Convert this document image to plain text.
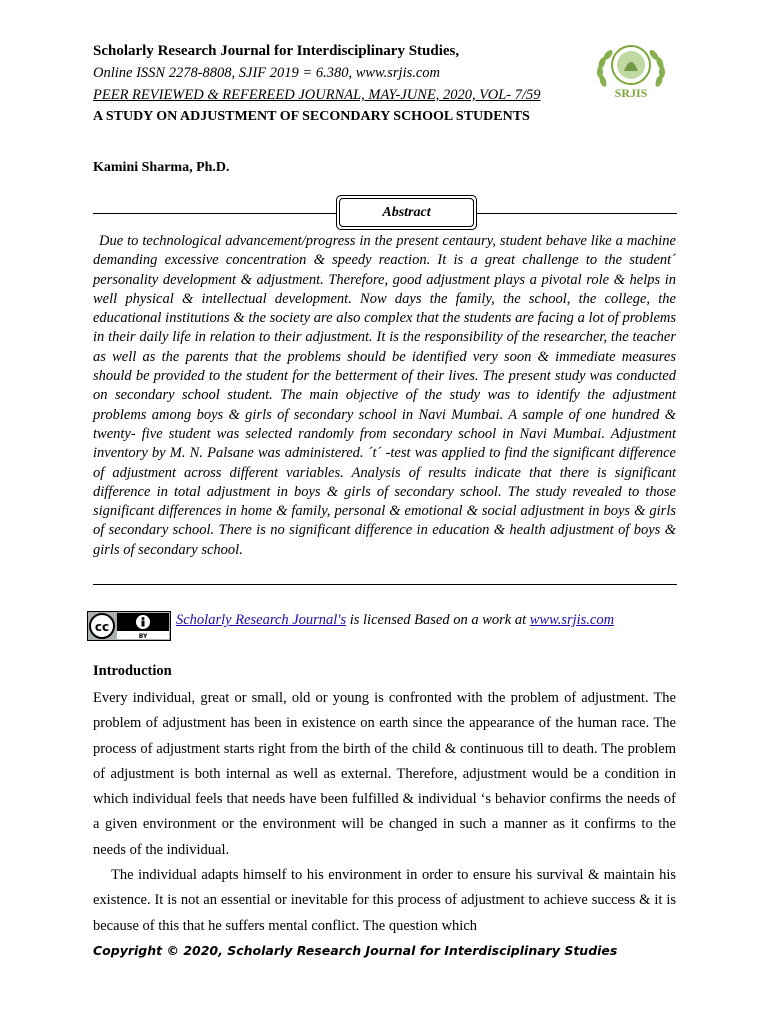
Scholarly Research Journal for Interdisciplinary Studies,
Online ISSN 2278-8808, SJIF 2019 = 6.380, www.srjis.com
PEER REVIEWED & REFEREED JOURNAL, MAY-JUNE, 2020, VOL- 7/59	SRJIS
A STUDY ON ADJUSTMENT OF SECONDARY SCHOOL STUDENTS
Kamini Sharma, Ph.D.
Abstract

Due to technological advancement/progress in the present centaury, student behave like a machine demanding excessive concentration & speedy reaction. It is a great challenge to the student´ personality development & adjustment. Therefore, good adjustment plays a pivotal role & helps in well physical & intellectual development. Now days the family, the school, the college, the educational institutions & the society are also complex that the students are facing a lot of problems in their daily life in relation to their adjustment. It is the responsibility of the researcher, the teacher as well as the parents that the problems should be identified very soon & immediate measures should be provided to the student for the betterment of their lives. The present study was conducted on secondary school student. The main objective of the study was to identify the adjustment problems among boys & girls of secondary school in Navi Mumbai. A sample of one hundred & twenty- five student was selected randomly from secondary school in Navi Mumbai. Adjustment inventory by M. N. Palsane was administered. ´t´ -test was applied to find the significant difference of adjustment across different variables. Analysis of results indicate that there is significant difference in total adjustment in boys & girls of secondary school. The study revealed to those significant differences in home & family, personal & emotional & social adjustment in boys & girls of secondary school. There is no significant difference in education & health adjustment of boys & girls of secondary school.

cc
BY
Scholarly Research Journal's is licensed Based on a work at www.srjis.com
Introduction

Every individual, great or small, old or young is confronted with the problem of adjustment. The problem of adjustment has been in existence on earth since the appearance of the human race. The process of adjustment starts right from the birth of the child & continuous till to death. The problem of adjustment is both internal as well as external. Therefore, adjustment would be a condition in which individual feels that needs have been fulfilled & individual ‘s behavior confirms the needs of a given environment or the environment will be changed in such a manner as it confirms to the needs of the individual.

The individual adapts himself to his environment in order to ensure his survival & maintain his existence. It is not an essential or inevitable for this process of adjustment to achieve success & it is because of this that he suffers mental conflict. The question which

Copyright © 2020, Scholarly Research Journal for Interdisciplinary Studies
